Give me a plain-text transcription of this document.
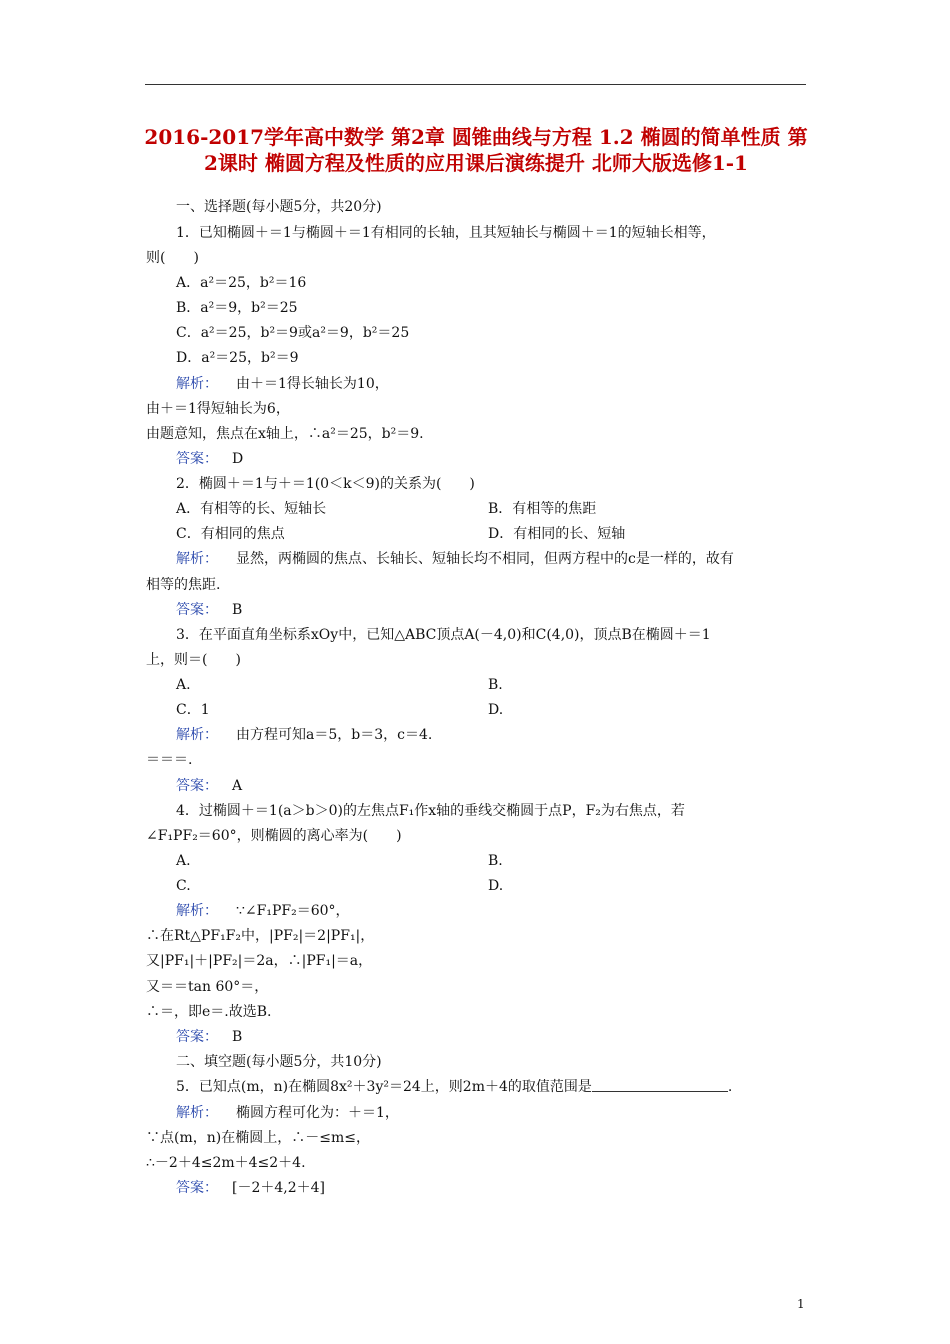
2016-2017学年高中数学 第2章 圆锥曲线与方程 1.2 椭圆的简单性质 第2课时 椭圆方程及性质的应用课后演练提升 北师大版选修1-1
一、选择题(每小题5分，共20分)
1．已知椭圆＋＝1与椭圆＋＝1有相同的长轴，且其短轴长与椭圆＋＝1的短轴长相等，
则(　　)
A．a²＝25，b²＝16
B．a²＝9，b²＝25
C．a²＝25，b²＝9或a²＝9，b²＝25
D．a²＝25，b²＝9
解析： 由＋＝1得长轴长为10，
由＋＝1得短轴长为6，
由题意知，焦点在x轴上，∴a²＝25，b²＝9.
答案： D
2．椭圆＋＝1与＋＝1(0＜k＜9)的关系为(　　)
A．有相等的长、短轴长	B．有相等的焦距
C．有相同的焦点	D．有相同的长、短轴
解析： 显然，两椭圆的焦点、长轴长、短轴长均不相同，但两方程中的c是一样的，故有
相等的焦距.
答案： B
3．在平面直角坐标系xOy中，已知△ABC顶点A(－4,0)和C(4,0)，顶点B在椭圆＋＝1
上，则＝(　　)
A.	B.
C．1	D.
解析： 由方程可知a＝5，b＝3，c＝4.
＝＝＝.
答案： A
4．过椭圆＋＝1(a＞b＞0)的左焦点F₁作x轴的垂线交椭圆于点P，F₂为右焦点，若
∠F₁PF₂＝60°，则椭圆的离心率为(　　)
A.	B.
C.	D.
解析： ∵∠F₁PF₂＝60°，
∴在Rt△PF₁F₂中，|PF₂|＝2|PF₁|，
又|PF₁|＋|PF₂|＝2a，∴|PF₁|＝a，
又＝＝tan 60°＝，
∴＝，即e＝.故选B.
答案： B
二、填空题(每小题5分，共10分)
5．已知点(m，n)在椭圆8x²＋3y²＝24上，则2m＋4的取值范围是	.
解析： 椭圆方程可化为：＋＝1，
∵点(m，n)在椭圆上，∴－≤m≤，
∴－2＋4≤2m＋4≤2＋4.
答案： [－2＋4,2＋4]
1
